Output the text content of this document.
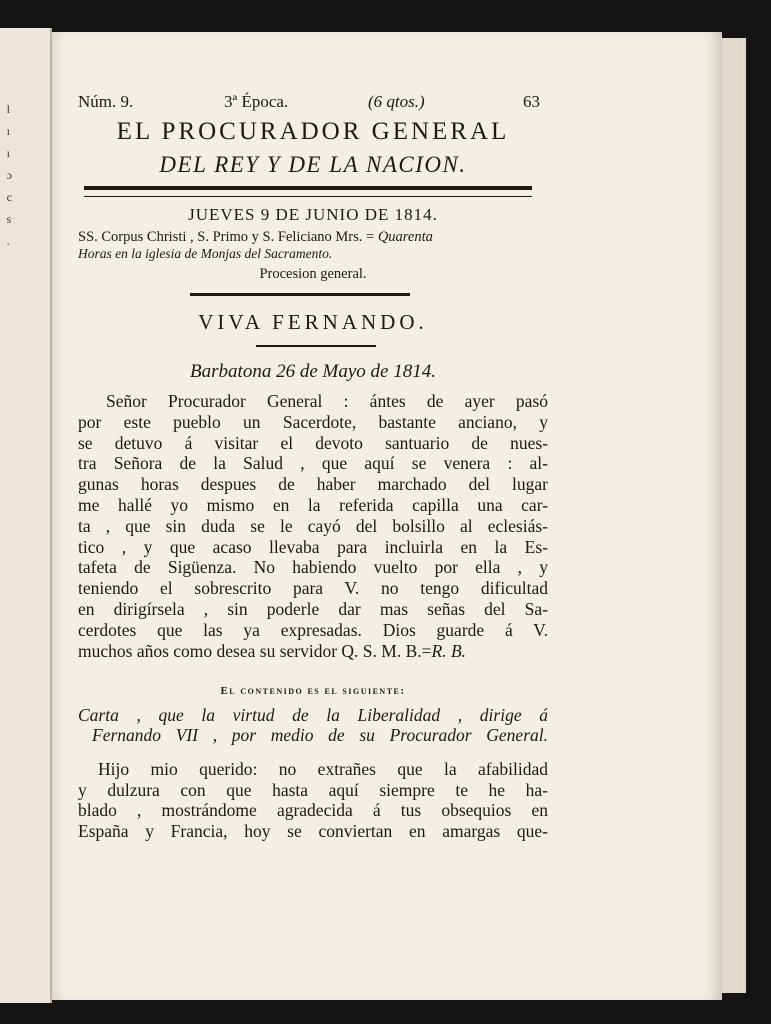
l
ı
ı
ɔ
c
s
.
Núm. 9.	3ª Época.	(6 qtos.)	63
EL PROCURADOR GENERAL
DEL REY Y DE LA NACION.
JUEVES 9 DE JUNIO DE 1814.
SS. Corpus Christi , S. Primo y S. Feliciano Mrs. = Quarenta
Horas en la iglesia de Monjas del Sacramento.
Procesion general.
VIVA FERNANDO.
Barbatona 26 de Mayo de 1814.
Señor Procurador General : ántes de ayer pasó
por este pueblo un Sacerdote, bastante anciano, y
se detuvo á visitar el devoto santuario de nues-
tra Señora de la Salud , que aquí se venera : al-
gunas horas despues de haber marchado del lugar
me hallé yo mismo en la referida capilla una car-
ta , que sin duda se le cayó del bolsillo al eclesiás-
tico , y que acaso llevaba para incluirla en la Es-
tafeta de Sigüenza. No habiendo vuelto por ella , y
teniendo el sobrescrito para V. no tengo dificultad
en dirigírsela , sin poderle dar mas señas del Sa-
cerdotes que las ya expresadas. Dios guarde á V.
muchos años como desea su servidor Q. S. M. B.=R. B.
El contenido es el siguiente:
Carta , que la virtud de la Liberalidad , dirige á
Fernando VII , por medio de su Procurador General.
Hijo mio querido: no extrañes que la afabilidad
y dulzura con que hasta aquí siempre te he ha-
blado , mostrándome agradecida á tus obsequios en
España y Francia, hoy se conviertan en amargas que-
